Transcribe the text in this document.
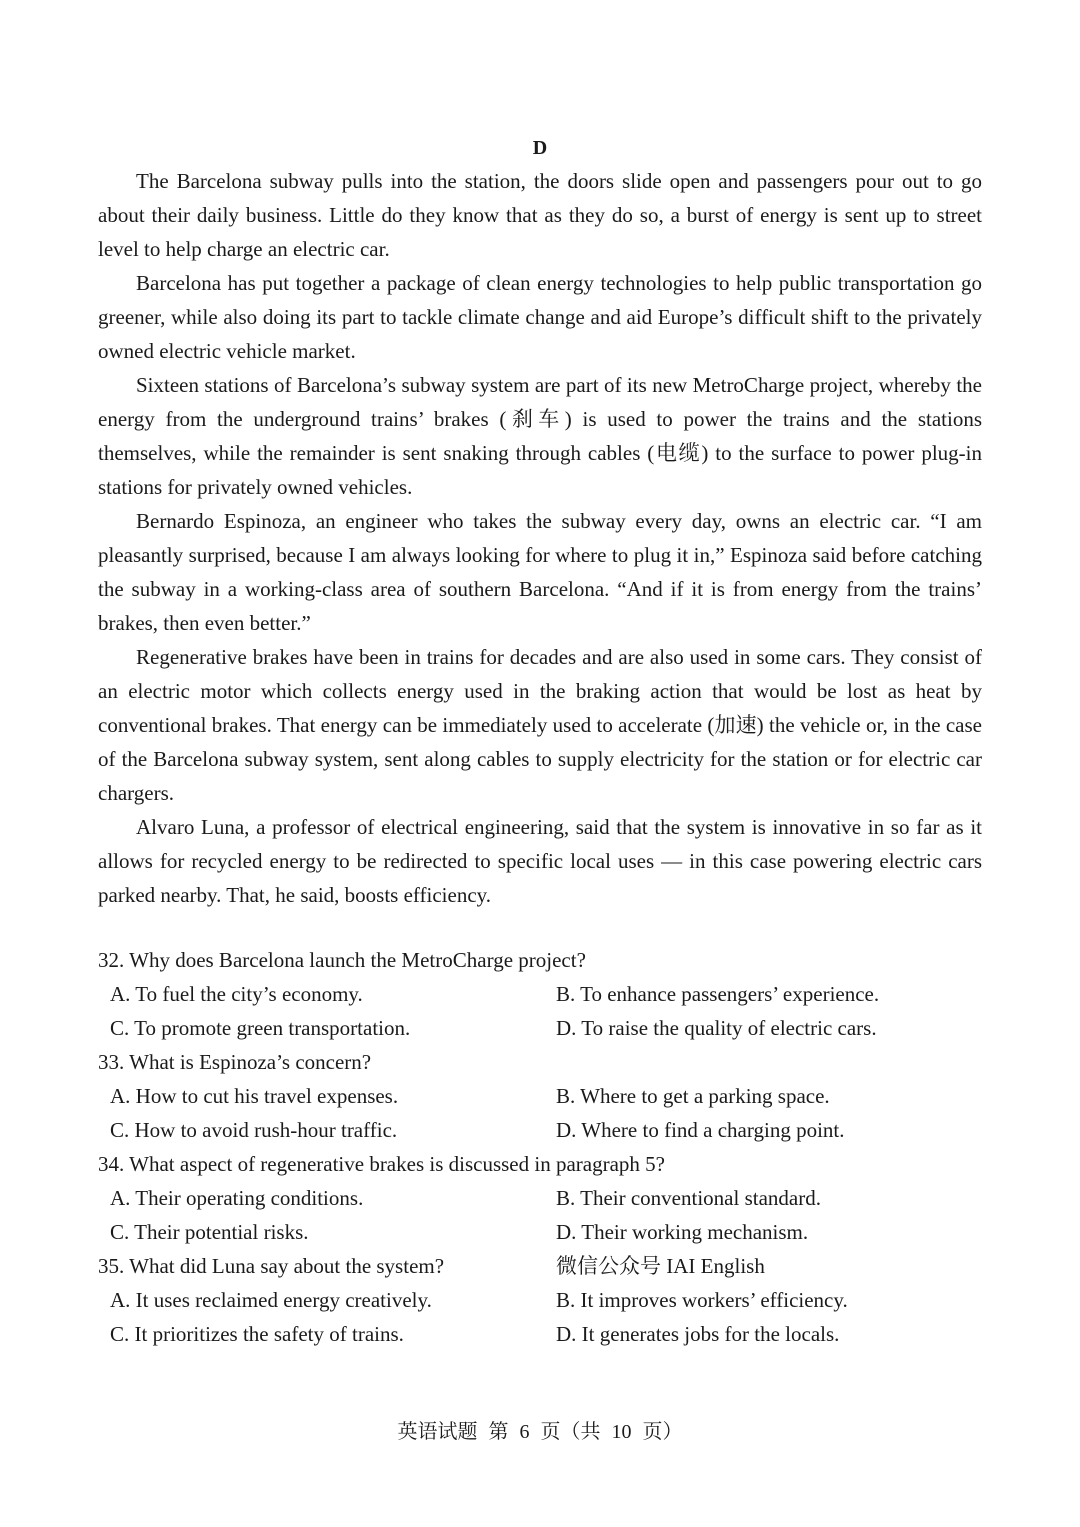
D

The Barcelona subway pulls into the station, the doors slide open and passengers pour out to go about their daily business. Little do they know that as they do so, a burst of energy is sent up to street level to help charge an electric car.

Barcelona has put together a package of clean energy technologies to help public transportation go greener, while also doing its part to tackle climate change and aid Europe’s difficult shift to the privately owned electric vehicle market.

Sixteen stations of Barcelona’s subway system are part of its new MetroCharge project, whereby the energy from the underground trains’ brakes (刹车) is used to power the trains and the stations themselves, while the remainder is sent snaking through cables (电缆) to the surface to power plug-in stations for privately owned vehicles.

Bernardo Espinoza, an engineer who takes the subway every day, owns an electric car. “I am pleasantly surprised, because I am always looking for where to plug it in,” Espinoza said before catching the subway in a working-class area of southern Barcelona. “And if it is from energy from the trains’ brakes, then even better.”

Regenerative brakes have been in trains for decades and are also used in some cars. They consist of an electric motor which collects energy used in the braking action that would be lost as heat by conventional brakes. That energy can be immediately used to accelerate (加速) the vehicle or, in the case of the Barcelona subway system, sent along cables to supply electricity for the station or for electric car chargers.

Alvaro Luna, a professor of electrical engineering, said that the system is innovative in so far as it allows for recycled energy to be redirected to specific local uses — in this case powering electric cars parked nearby. That, he said, boosts efficiency.

32. Why does Barcelona launch the MetroCharge project?
A. To fuel the city’s economy.	B. To enhance passengers’ experience.
C. To promote green transportation.	D. To raise the quality of electric cars.
33. What is Espinoza’s concern?
A. How to cut his travel expenses.	B. Where to get a parking space.
C. How to avoid rush-hour traffic.	D. Where to find a charging point.
34. What aspect of regenerative brakes is discussed in paragraph 5?
A. Their operating conditions.	B. Their conventional standard.
C. Their potential risks.	D. Their working mechanism.
35. What did Luna say about the system?	微信公众号 IAI English
A. It uses reclaimed energy creatively.	B. It improves workers’ efficiency.
C. It prioritizes the safety of trains.	D. It generates jobs for the locals.
英语试题 第 6 页（共 10 页）
